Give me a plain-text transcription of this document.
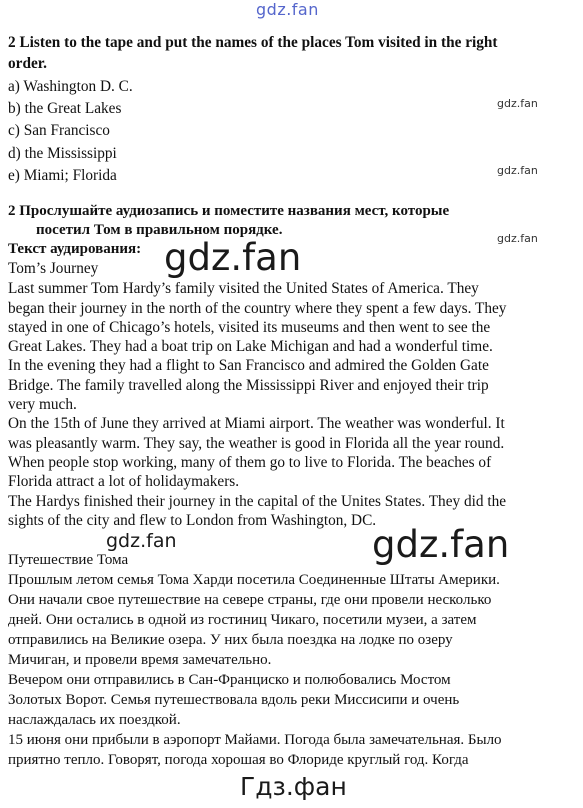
gdz.fan
gdz.fan
gdz.fan
gdz.fan
2 Listen to the tape and put the names of the places Tom visited in the right
order.
a) Washington D. C.
b) the Great Lakes
c) San Francisco
d) the Mississippi
e) Miami; Florida
2 Прослушайте аудиозапись и поместите названия мест, которые
посетил Том в правильном порядке.
Текст аудирования:
Tom’s Journey
Last summer Tom Hardy’s family visited the United States of America. They
began their journey in the north of the country where they spent a few days. They
stayed in one of Chicago’s hotels, visited its museums and then went to see the
Great Lakes. They had a boat trip on Lake Michigan and had a wonderful time.
In the evening they had a flight to San Francisco and admired the Golden Gate
Bridge. The family travelled along the Mississippi River and enjoyed their trip
very much.
On the 15th of June they arrived at Miami airport. The weather was wonderful. It
was pleasantly warm. They say, the weather is good in Florida all the year round.
When people stop working, many of them go to live to Florida. The beaches of
Florida attract a lot of holidaymakers.
The Hardys finished their journey in the capital of the Unites States. They did the
sights of the city and flew to London from Washington, DC.
gdz.fan
gdz.fan
gdz.fan
Путешествие Тома
Прошлым летом семья Тома Харди посетила Соединенные Штаты Америки.
Они начали свое путешествие на севере страны, где они провели несколько
дней. Они остались в одной из гостиниц Чикаго, посетили музеи, а затем
отправились на Великие озера. У них была поездка на лодке по озеру
Мичиган, и провели время замечательно.
Вечером они отправились в Сан-Франциско и полюбовались Мостом
Золотых Ворот. Семья путешествовала вдоль реки Миссисипи и очень
наслаждалась их поездкой.
15 июня они прибыли в аэропорт Майами. Погода была замечательная. Было
приятно тепло. Говорят, погода хорошая во Флориде круглый год. Когда
Гдз.фан
